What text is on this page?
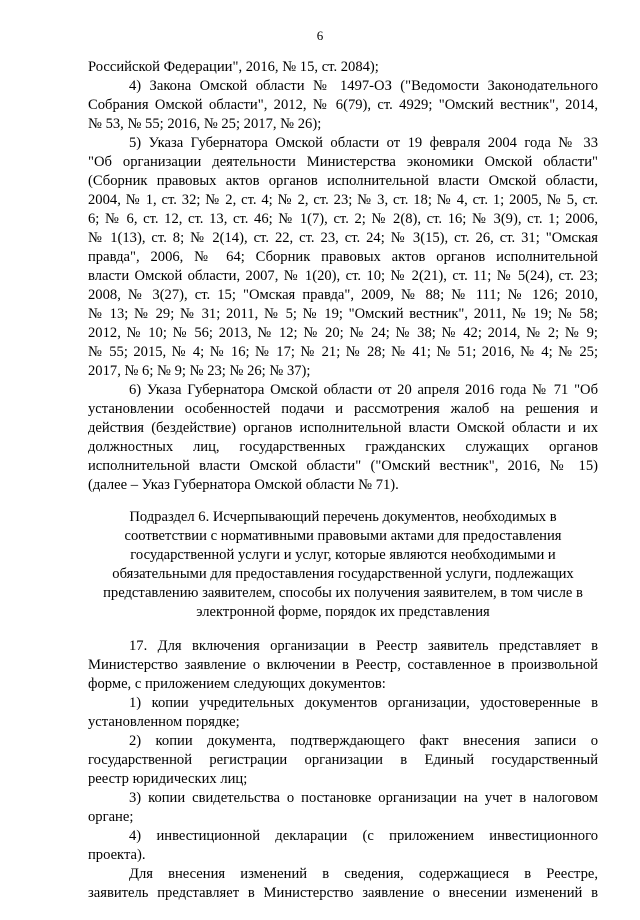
6

Российской Федерации", 2016, № 15, ст. 2084);

4) Закона Омской области № 1497-ОЗ ("Ведомости Законодательного

Собрания Омской области", 2012, № 6(79), ст. 4929; "Омский вестник", 2014,

№ 53, № 55; 2016, № 25; 2017, № 26);

5) Указа Губернатора Омской области от 19 февраля 2004 года № 33

"Об организации деятельности Министерства экономики Омской области"

(Сборник правовых актов органов исполнительной власти Омской области,

2004, № 1, ст. 32; № 2, ст. 4; № 2, ст. 23; № 3, ст. 18; № 4, ст. 1; 2005, № 5, ст.

6; № 6, ст. 12, ст. 13, ст. 46; № 1(7), ст. 2; № 2(8), ст. 16; № 3(9), ст. 1; 2006,

№ 1(13), ст. 8; № 2(14), ст. 22, ст. 23, ст. 24; № 3(15), ст. 26, ст. 31; "Омская

правда", 2006, № 64; Сборник правовых актов органов исполнительной

власти Омской области, 2007, № 1(20), ст. 10; № 2(21), ст. 11; № 5(24), ст. 23;

2008, № 3(27), ст. 15; "Омская правда", 2009, № 88; № 111; № 126; 2010,

№ 13; № 29; № 31; 2011, № 5; № 19; "Омский вестник", 2011, № 19; № 58;

2012, № 10; № 56; 2013, № 12; № 20; № 24; № 38; № 42; 2014, № 2; № 9;

№ 55; 2015, № 4; № 16; № 17; № 21; № 28; № 41; № 51; 2016, № 4; № 25;

2017, № 6; № 9; № 23; № 26; № 37);

6) Указа Губернатора Омской области от 20 апреля 2016 года № 71 "Об

установлении особенностей подачи и рассмотрения жалоб на решения и

действия (бездействие) органов исполнительной власти Омской области и их

должностных лиц, государственных гражданских служащих органов

исполнительной власти Омской области" ("Омский вестник", 2016, № 15)

(далее – Указ Губернатора Омской области № 71).

Подраздел 6. Исчерпывающий перечень документов, необходимых в

соответствии с нормативными правовыми актами для предоставления

государственной услуги и услуг, которые являются необходимыми и

обязательными для предоставления государственной услуги, подлежащих

представлению заявителем, способы их получения заявителем, в том числе в

электронной форме, порядок их представления

17. Для включения организации в Реестр заявитель представляет в

Министерство заявление о включении в Реестр, составленное в произвольной

форме, с приложением следующих документов:

1) копии учредительных документов организации, удостоверенные в

установленном порядке;

2) копии документа, подтверждающего факт внесения записи о

государственной регистрации организации в Единый государственный

реестр юридических лиц;

3) копии свидетельства о постановке организации на учет в налоговом

органе;

4) инвестиционной декларации (с приложением инвестиционного

проекта).

Для внесения изменений в сведения, содержащиеся в Реестре,

заявитель представляет в Министерство заявление о внесении изменений в
